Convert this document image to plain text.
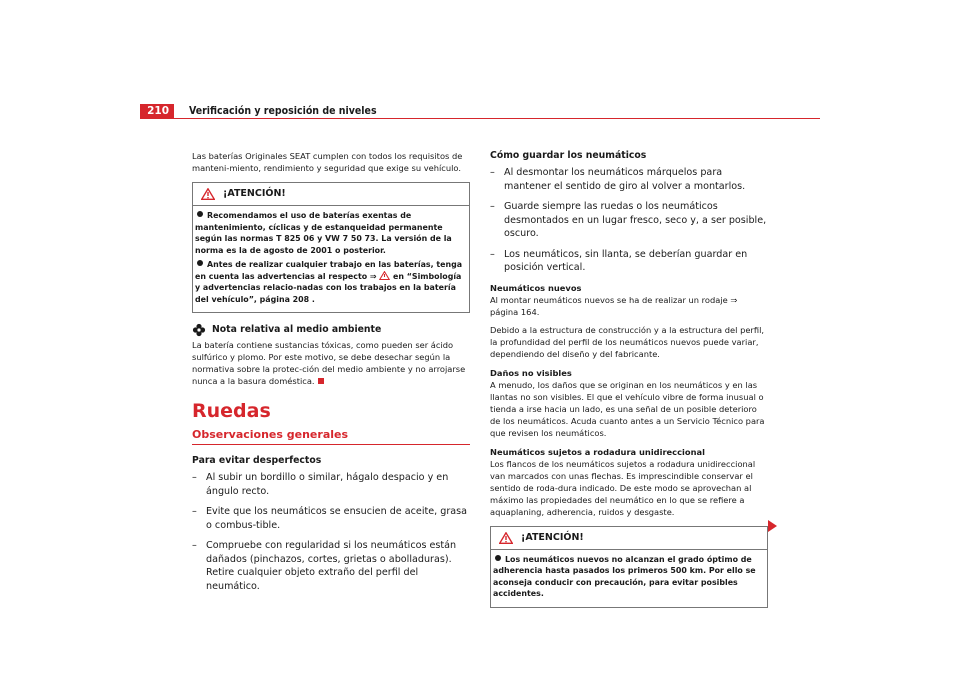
210 Verificación y reposición de niveles

Las baterías Originales SEAT cumplen con todos los requisitos de manteni-miento, rendimiento y seguridad que exige su vehículo.

¡ATENCIÓN!
Recomendamos el uso de baterías exentas de mantenimiento, cíclicas y de estanqueidad permanente según las normas T 825 06 y VW 7 50 73. La versión de la norma es la de agosto de 2001 o posterior.
Antes de realizar cualquier trabajo en las baterías, tenga en cuenta las advertencias al respecto ⇒ en “Simbología y advertencias relacio-nadas con los trabajos en la batería del vehículo”, página 208 .
Nota relativa al medio ambiente

La batería contiene sustancias tóxicas, como pueden ser ácido sulfúrico y plomo. Por este motivo, se debe desechar según la normativa sobre la protec-ción del medio ambiente y no arrojarse nunca a la basura doméstica.

Ruedas
Observaciones generales
Para evitar desperfectos
– Al subir un bordillo o similar, hágalo despacio y en ángulo recto.
– Evite que los neumáticos se ensucien de aceite, grasa o combus-tible.
– Compruebe con regularidad si los neumáticos están dañados (pinchazos, cortes, grietas o abolladuras). Retire cualquier objeto extraño del perfil del neumático.
Cómo guardar los neumáticos
– Al desmontar los neumáticos márquelos para mantener el sentido de giro al volver a montarlos.
– Guarde siempre las ruedas o los neumáticos desmontados en un lugar fresco, seco y, a ser posible, oscuro.
– Los neumáticos, sin llanta, se deberían guardar en posición vertical.
Neumáticos nuevos

Al montar neumáticos nuevos se ha de realizar un rodaje ⇒ página 164.

Debido a la estructura de construcción y a la estructura del perfil, la profundidad del perfil de los neumáticos nuevos puede variar, dependiendo del diseño y del fabricante.

Daños no visibles

A menudo, los daños que se originan en los neumáticos y en las llantas no son visibles. El que el vehículo vibre de forma inusual o tienda a irse hacia un lado, es una señal de un posible deterioro de los neumáticos. Acuda cuanto antes a un Servicio Técnico para que revisen los neumáticos.

Neumáticos sujetos a rodadura unidireccional

Los flancos de los neumáticos sujetos a rodadura unidireccional van marcados con unas flechas. Es imprescindible conservar el sentido de roda-dura indicado. De este modo se aprovechan al máximo las propiedades del neumático en lo que se refiere a aquaplaning, adherencia, ruidos y desgaste.

¡ATENCIÓN!
Los neumáticos nuevos no alcanzan el grado óptimo de adherencia hasta pasados los primeros 500 km. Por ello se aconseja conducir con precaución, para evitar posibles accidentes.
